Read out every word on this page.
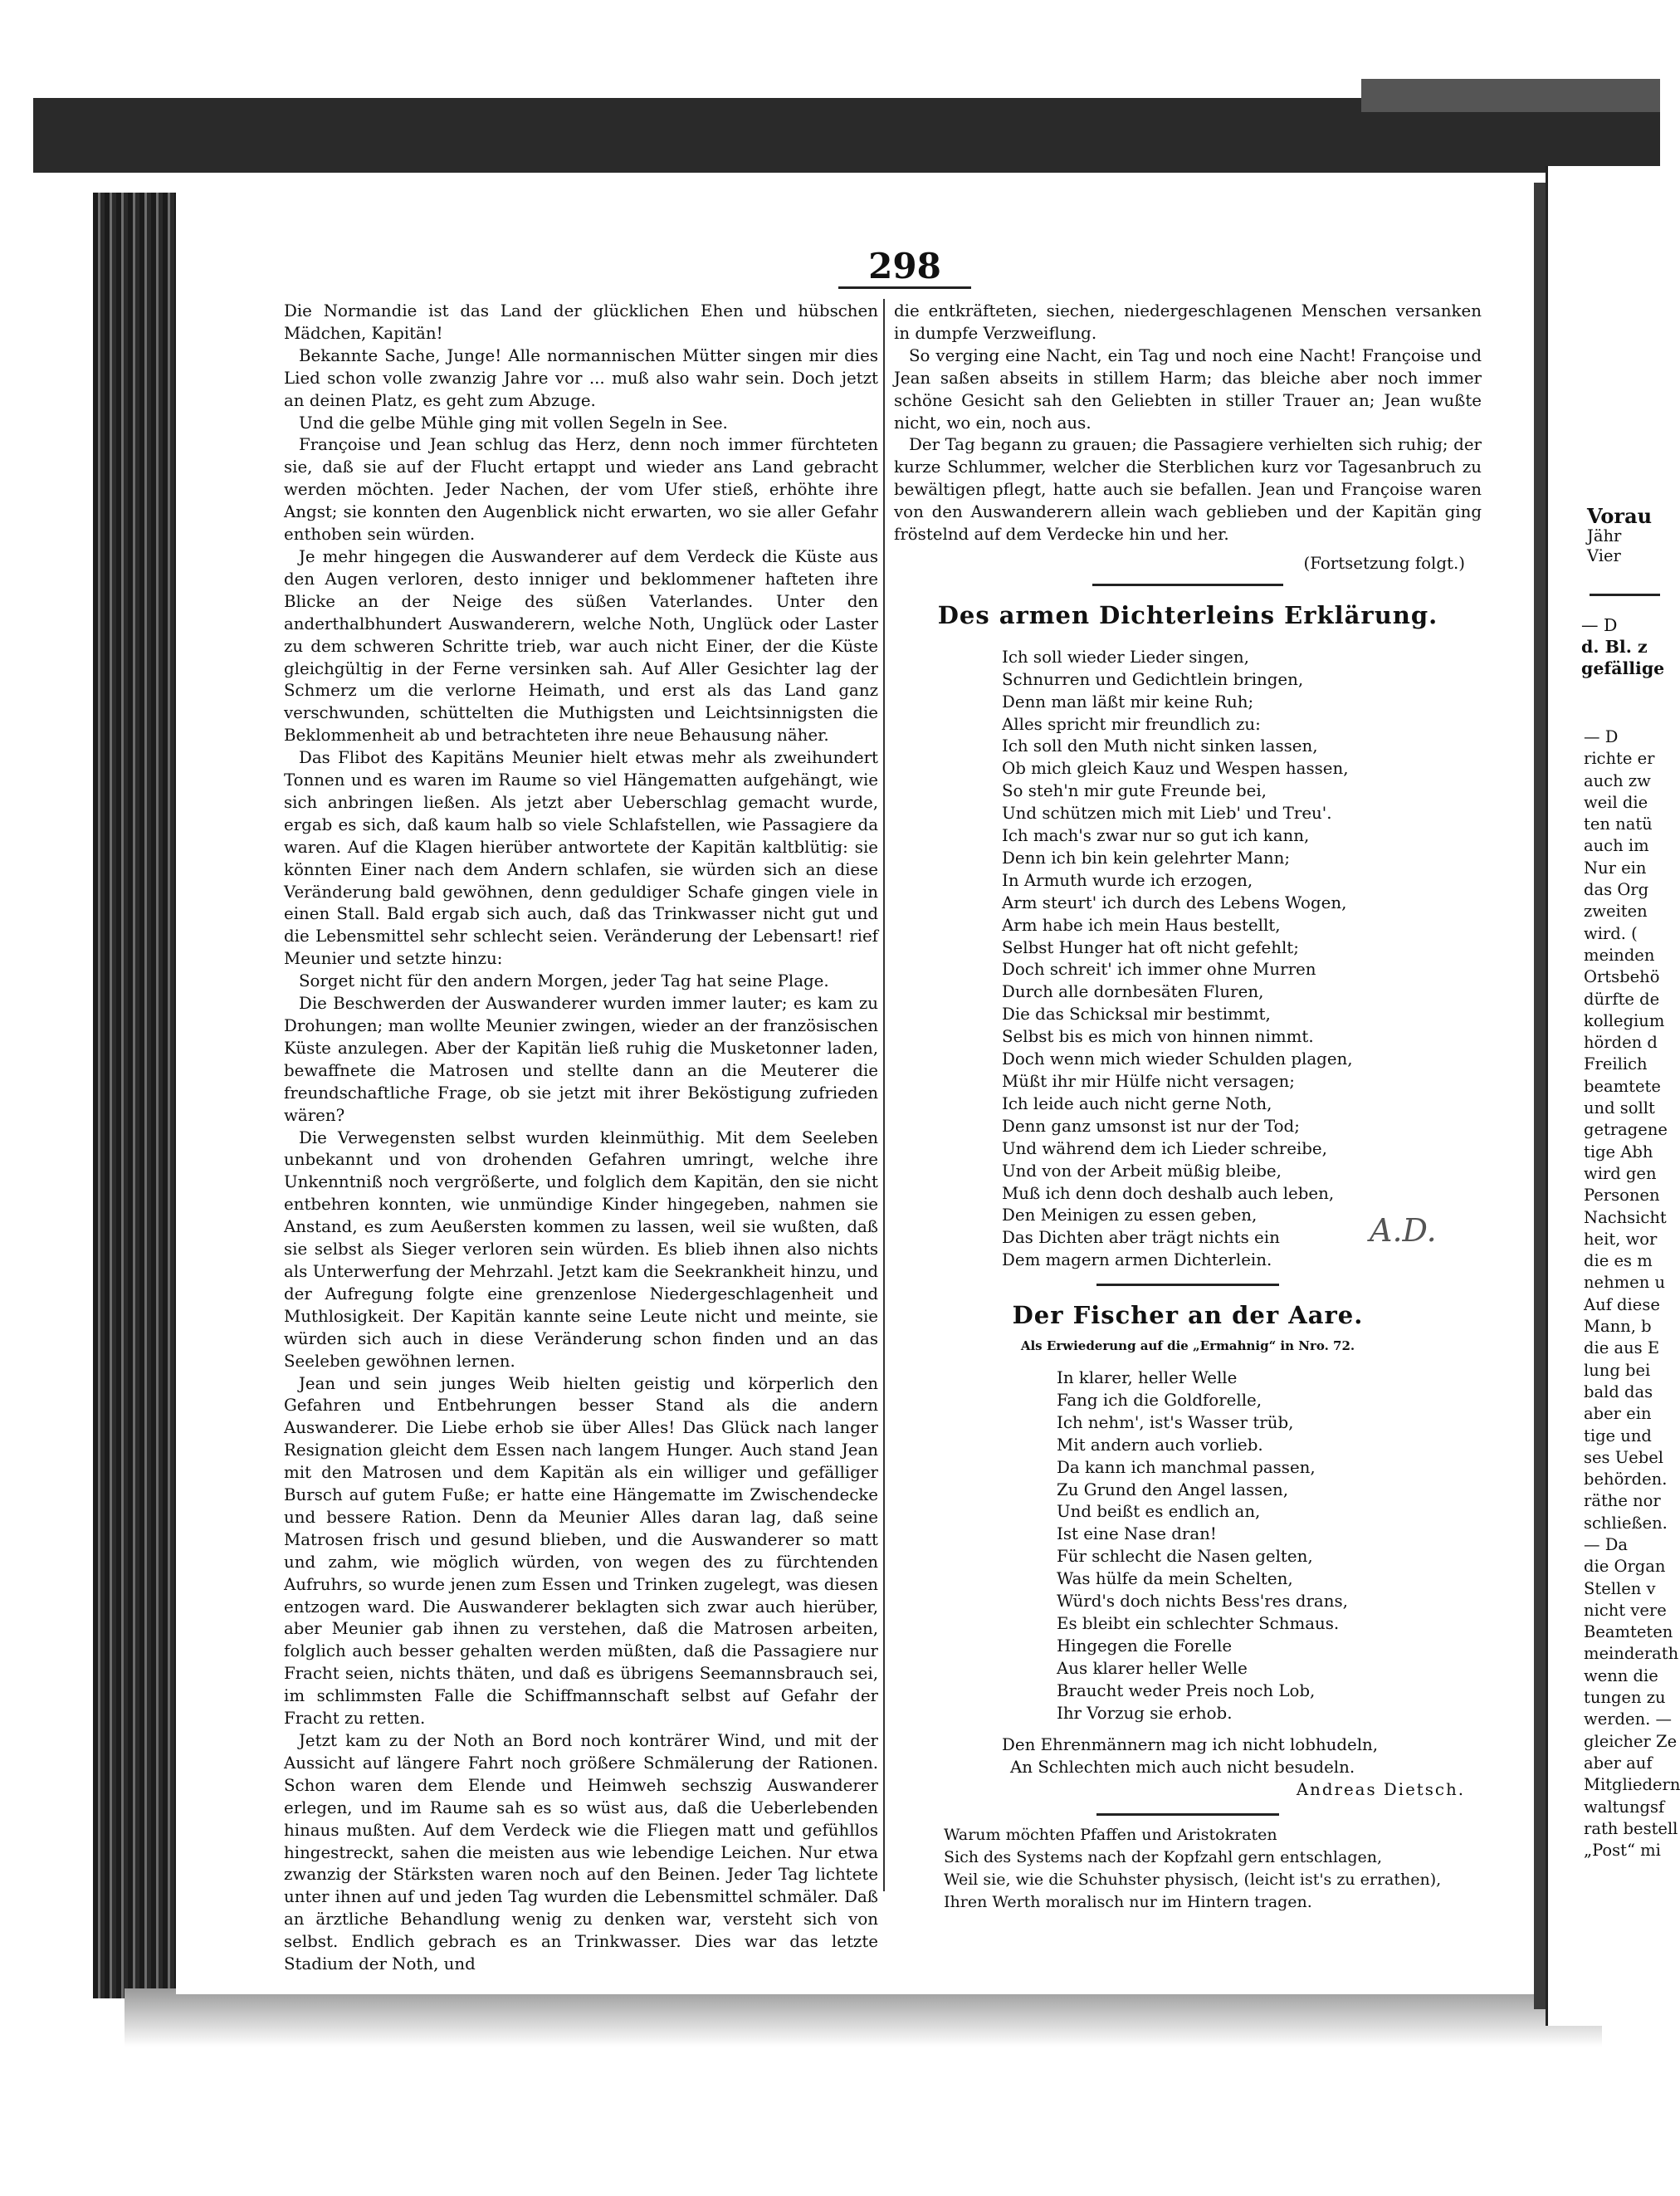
298

Die Normandie ist das Land der glücklichen Ehen und hübschen Mädchen, Kapitän!

Bekannte Sache, Junge! Alle normannischen Mütter singen mir dies Lied schon volle zwanzig Jahre vor ... muß also wahr sein. Doch jetzt an deinen Platz, es geht zum Abzuge.

Und die gelbe Mühle ging mit vollen Segeln in See.

Françoise und Jean schlug das Herz, denn noch immer fürchteten sie, daß sie auf der Flucht ertappt und wieder ans Land gebracht werden möchten. Jeder Nachen, der vom Ufer stieß, erhöhte ihre Angst; sie konnten den Augenblick nicht erwarten, wo sie aller Gefahr enthoben sein würden.

Je mehr hingegen die Auswanderer auf dem Verdeck die Küste aus den Augen verloren, desto inniger und beklommener hafteten ihre Blicke an der Neige des süßen Vaterlandes. Unter den anderthalbhundert Auswanderern, welche Noth, Unglück oder Laster zu dem schweren Schritte trieb, war auch nicht Einer, der die Küste gleichgültig in der Ferne versinken sah. Auf Aller Gesichter lag der Schmerz um die verlorne Heimath, und erst als das Land ganz verschwunden, schüttelten die Muthigsten und Leichtsinnigsten die Beklommenheit ab und betrachteten ihre neue Behausung näher.

Das Flibot des Kapitäns Meunier hielt etwas mehr als zweihundert Tonnen und es waren im Raume so viel Hängematten aufgehängt, wie sich anbringen ließen. Als jetzt aber Ueberschlag gemacht wurde, ergab es sich, daß kaum halb so viele Schlafstellen, wie Passagiere da waren. Auf die Klagen hierüber antwortete der Kapitän kaltblütig: sie könnten Einer nach dem Andern schlafen, sie würden sich an diese Veränderung bald gewöhnen, denn geduldiger Schafe gingen viele in einen Stall. Bald ergab sich auch, daß das Trinkwasser nicht gut und die Lebensmittel sehr schlecht seien. Veränderung der Lebensart! rief Meunier und setzte hinzu:

Sorget nicht für den andern Morgen, jeder Tag hat seine Plage.

Die Beschwerden der Auswanderer wurden immer lauter; es kam zu Drohungen; man wollte Meunier zwingen, wieder an der französischen Küste anzulegen. Aber der Kapitän ließ ruhig die Musketonner laden, bewaffnete die Matrosen und stellte dann an die Meuterer die freundschaftliche Frage, ob sie jetzt mit ihrer Beköstigung zufrieden wären?

Die Verwegensten selbst wurden kleinmüthig. Mit dem Seeleben unbekannt und von drohenden Gefahren umringt, welche ihre Unkenntniß noch vergrößerte, und folglich dem Kapitän, den sie nicht entbehren konnten, wie unmündige Kinder hingegeben, nahmen sie Anstand, es zum Aeußersten kommen zu lassen, weil sie wußten, daß sie selbst als Sieger verloren sein würden. Es blieb ihnen also nichts als Unterwerfung der Mehrzahl. Jetzt kam die Seekrankheit hinzu, und der Aufregung folgte eine grenzenlose Niedergeschlagenheit und Muthlosigkeit. Der Kapitän kannte seine Leute nicht und meinte, sie würden sich auch in diese Veränderung schon finden und an das Seeleben gewöhnen lernen.

Jean und sein junges Weib hielten geistig und körperlich den Gefahren und Entbehrungen besser Stand als die andern Auswanderer. Die Liebe erhob sie über Alles! Das Glück nach langer Resignation gleicht dem Essen nach langem Hunger. Auch stand Jean mit den Matrosen und dem Kapitän als ein williger und gefälliger Bursch auf gutem Fuße; er hatte eine Hängematte im Zwischendecke und bessere Ration. Denn da Meunier Alles daran lag, daß seine Matrosen frisch und gesund blieben, und die Auswanderer so matt und zahm, wie möglich würden, von wegen des zu fürchtenden Aufruhrs, so wurde jenen zum Essen und Trinken zugelegt, was diesen entzogen ward. Die Auswanderer beklagten sich zwar auch hierüber, aber Meunier gab ihnen zu verstehen, daß die Matrosen arbeiten, folglich auch besser gehalten werden müßten, daß die Passagiere nur Fracht seien, nichts thäten, und daß es übrigens Seemannsbrauch sei, im schlimmsten Falle die Schiffmannschaft selbst auf Gefahr der Fracht zu retten.

Jetzt kam zu der Noth an Bord noch konträrer Wind, und mit der Aussicht auf längere Fahrt noch größere Schmälerung der Rationen. Schon waren dem Elende und Heimweh sechszig Auswanderer erlegen, und im Raume sah es so wüst aus, daß die Ueberlebenden hinaus mußten. Auf dem Verdeck wie die Fliegen matt und gefühllos hingestreckt, sahen die meisten aus wie lebendige Leichen. Nur etwa zwanzig der Stärksten waren noch auf den Beinen. Jeder Tag lichtete unter ihnen auf und jeden Tag wurden die Lebensmittel schmäler. Daß an ärztliche Behandlung wenig zu denken war, versteht sich von selbst. Endlich gebrach es an Trinkwasser. Dies war das letzte Stadium der Noth, und

die entkräfteten, siechen, niedergeschlagenen Menschen versanken in dumpfe Verzweiflung.

So verging eine Nacht, ein Tag und noch eine Nacht! Françoise und Jean saßen abseits in stillem Harm; das bleiche aber noch immer schöne Gesicht sah den Geliebten in stiller Trauer an; Jean wußte nicht, wo ein, noch aus.

Der Tag begann zu grauen; die Passagiere verhielten sich ruhig; der kurze Schlummer, welcher die Sterblichen kurz vor Tagesanbruch zu bewältigen pflegt, hatte auch sie befallen. Jean und Françoise waren von den Auswanderern allein wach geblieben und der Kapitän ging fröstelnd auf dem Verdecke hin und her.

(Fortsetzung folgt.)
Des armen Dichterleins Erklärung.
Ich soll wieder Lieder singen,
Schnurren und Gedichtlein bringen,
Denn man läßt mir keine Ruh;
Alles spricht mir freundlich zu:
Ich soll den Muth nicht sinken lassen,
Ob mich gleich Kauz und Wespen hassen,
So steh'n mir gute Freunde bei,
Und schützen mich mit Lieb' und Treu'.
Ich mach's zwar nur so gut ich kann,
Denn ich bin kein gelehrter Mann;
In Armuth wurde ich erzogen,
Arm steurt' ich durch des Lebens Wogen,
Arm habe ich mein Haus bestellt,
Selbst Hunger hat oft nicht gefehlt;
Doch schreit' ich immer ohne Murren
Durch alle dornbesäten Fluren,
Die das Schicksal mir bestimmt,
Selbst bis es mich von hinnen nimmt.
Doch wenn mich wieder Schulden plagen,
Müßt ihr mir Hülfe nicht versagen;
Ich leide auch nicht gerne Noth,
Denn ganz umsonst ist nur der Tod;
Und während dem ich Lieder schreibe,
Und von der Arbeit müßig bleibe,
Muß ich denn doch deshalb auch leben,
Den Meinigen zu essen geben,
Das Dichten aber trägt nichts ein
Dem magern armen Dichterlein.
Der Fischer an der Aare.
Als Erwiederung auf die „Ermahnig“ in Nro. 72.
In klarer, heller Welle
Fang ich die Goldforelle,
Ich nehm', ist's Wasser trüb,
Mit andern auch vorlieb.
Da kann ich manchmal passen,
Zu Grund den Angel lassen,
Und beißt es endlich an,
Ist eine Nase dran!
Für schlecht die Nasen gelten,
Was hülfe da mein Schelten,
Würd's doch nichts Bess'res drans,
Es bleibt ein schlechter Schmaus.
Hingegen die Forelle
Aus klarer heller Welle
Braucht weder Preis noch Lob,
Ihr Vorzug sie erhob.
Den Ehrenmännern mag ich nicht lobhudeln,
An Schlechten mich auch nicht besudeln.
Andreas Dietsch.
Warum möchten Pfaffen und Aristokraten
Sich des Systems nach der Kopfzahl gern entschlagen,
Weil sie, wie die Schuhster physisch, (leicht ist's zu errathen),
Ihren Werth moralisch nur im Hintern tragen.
A.D.
Vorau
Jähr
Vier
— D
d. Bl. z
gefällige
— D
richte er
auch zw
weil die
ten natü
auch im
Nur ein
das Org
zweiten
wird. (
meinden
Ortsbehö
dürfte de
kollegium
hörden d
Freilich
beamtete
und sollt
getragene
tige Abh
wird gen
Personen
Nachsicht
heit, wor
die es m
nehmen u
Auf diese
Mann, b
die aus E
lung bei
bald das
aber ein
tige und
ses Uebel
behörden.
räthe nor
schließen.
— Da
die Organ
Stellen v
nicht vere
Beamteten
meinderath
wenn die
tungen zu
werden. —
gleicher Ze
aber auf
Mitgliedern
waltungsf
rath bestell
„Post“ mi
